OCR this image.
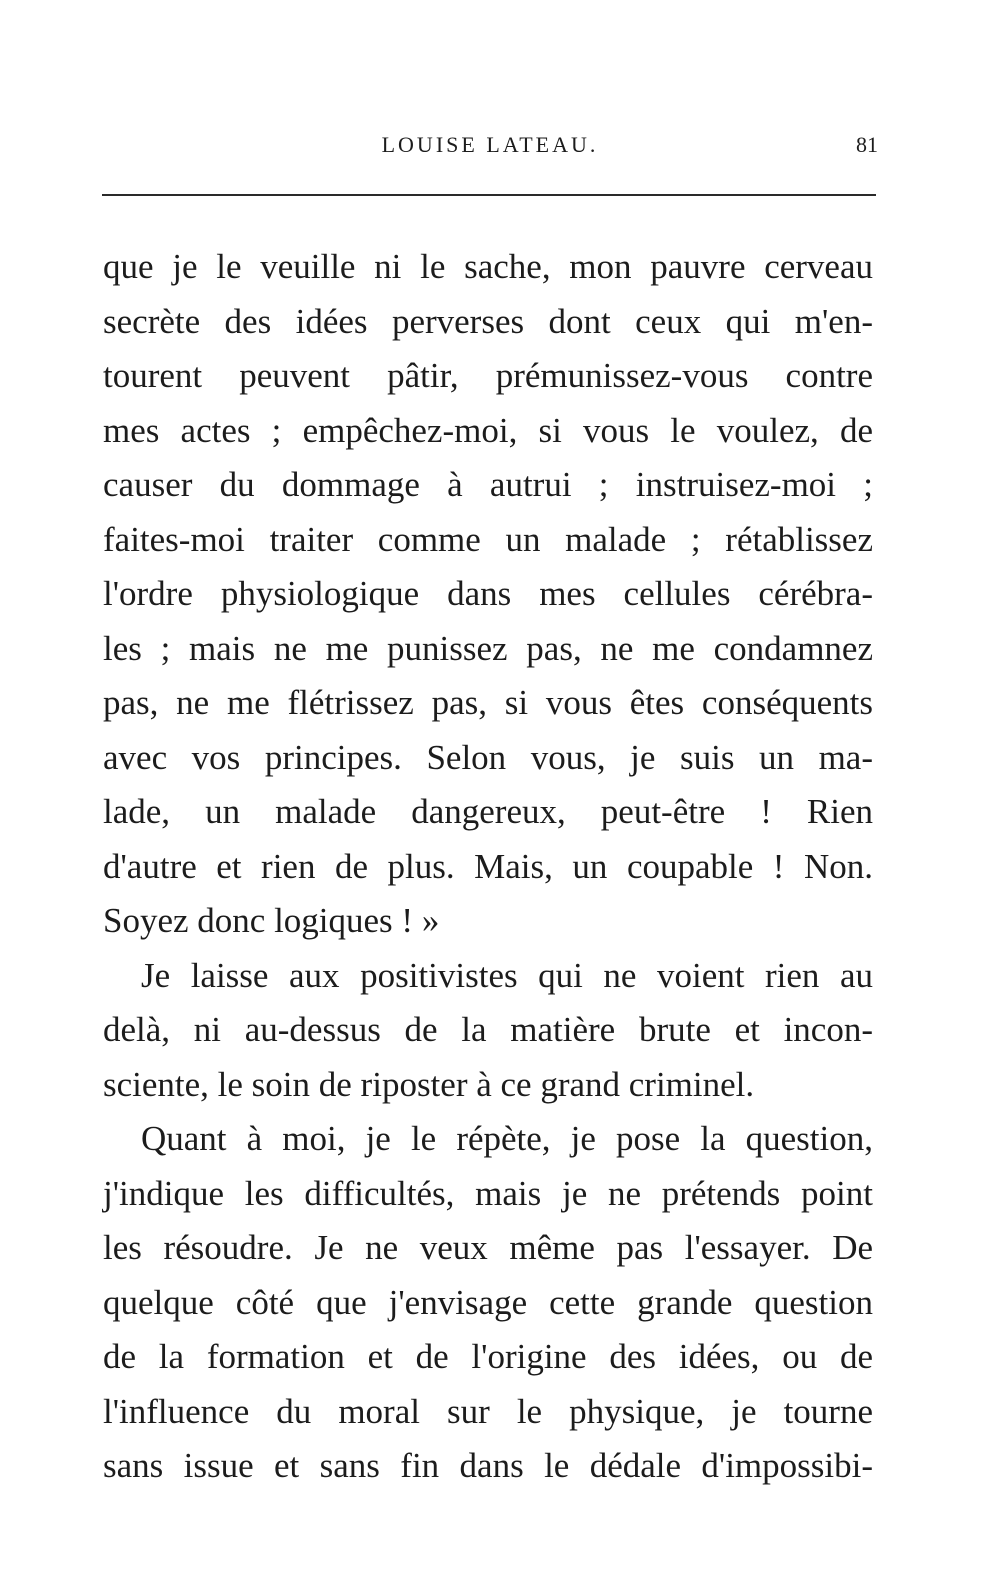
LOUISE LATEAU.	81
que je le veuille ni le sache, mon pauvre cerveau
secrète des idées perverses dont ceux qui m'en-
tourent peuvent pâtir, prémunissez-vous contre
mes actes ; empêchez-moi, si vous le voulez, de
causer du dommage à autrui ; instruisez-moi ;
faites-moi traiter comme un malade ; rétablissez
l'ordre physiologique dans mes cellules cérébra-
les ; mais ne me punissez pas, ne me condamnez
pas, ne me flétrissez pas, si vous êtes conséquents
avec vos principes. Selon vous, je suis un ma-
lade, un malade dangereux, peut-être ! Rien
d'autre et rien de plus. Mais, un coupable ! Non.
Soyez donc logiques ! »
Je laisse aux positivistes qui ne voient rien au
delà, ni au-dessus de la matière brute et incon-
sciente, le soin de riposter à ce grand criminel.
Quant à moi, je le répète, je pose la question,
j'indique les difficultés, mais je ne prétends point
les résoudre. Je ne veux même pas l'essayer. De
quelque côté que j'envisage cette grande question
de la formation et de l'origine des idées, ou de
l'influence du moral sur le physique, je tourne
sans issue et sans fin dans le dédale d'impossibi-
